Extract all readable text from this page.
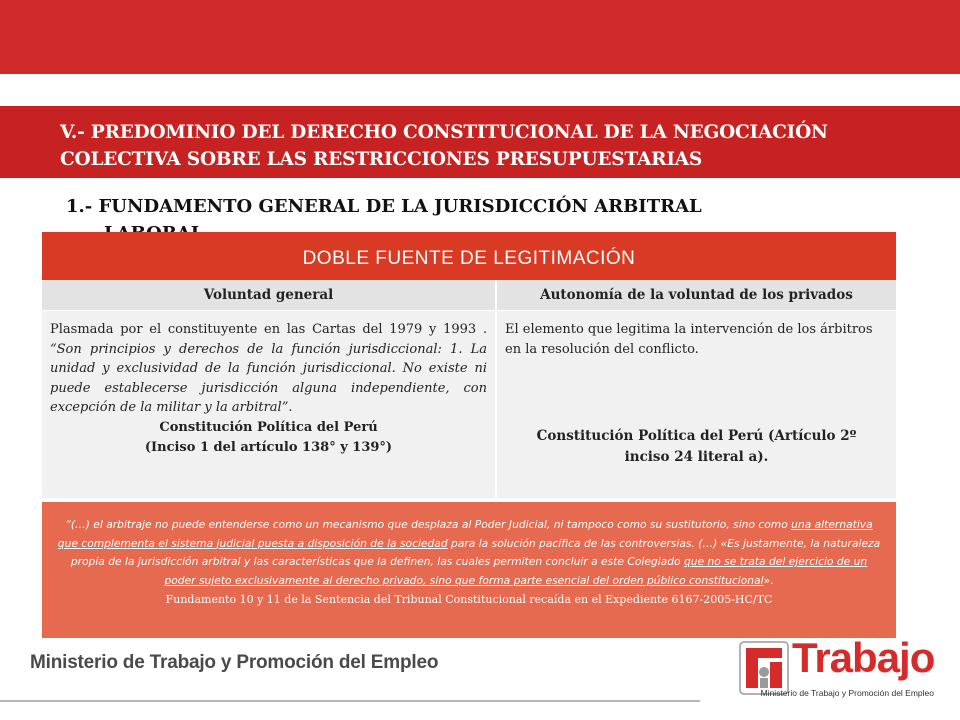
V.- PREDOMINIO DEL DERECHO CONSTITUCIONAL DE LA NEGOCIACIÓN
COLECTIVA SOBRE LAS RESTRICCIONES PRESUPUESTARIAS
1.- FUNDAMENTO GENERAL DE LA JURISDICCIÓN ARBITRAL
DOBLE FUENTE DE LEGITIMACIÓN
Voluntad general	Autonomía de la voluntad de los privados
Plasmada por el constituyente en las Cartas del 1979 y 1993 . “Son principios y derechos de la función jurisdiccional: 1. La unidad y exclusividad de la función jurisdiccional. No existe ni puede establecerse jurisdicción alguna independiente, con excepción de la militar y la arbitral”.
Constitución Política del Perú
(Inciso 1 del artículo 138° y 139°)
El elemento que legitima la intervención de los árbitros en la resolución del conflicto.
Constitución Política del Perú (Artículo 2º
inciso 24 literal a).
“(…) el arbitraje no puede entenderse como un mecanismo que desplaza al Poder Judicial, ni tampoco como su sustitutorio, sino como una alternativa que complementa el sistema judicial puesta a disposición de la sociedad para la solución pacífica de las controversias. (…) «Es justamente, la naturaleza propia de la jurisdicción arbitral y las características que la definen, las cuales permiten concluir a este Colegiado que no se trata del ejercicio de un poder sujeto exclusivamente al derecho privado, sino que forma parte esencial del orden público constitucional».
Fundamento 10 y 11 de la Sentencia del Tribunal Constitucional recaída en el Expediente 6167-2005-HC/TC
Ministerio de Trabajo y Promoción del Empleo	Trabajo
Ministerio de Trabajo y Promoción del Empleo
